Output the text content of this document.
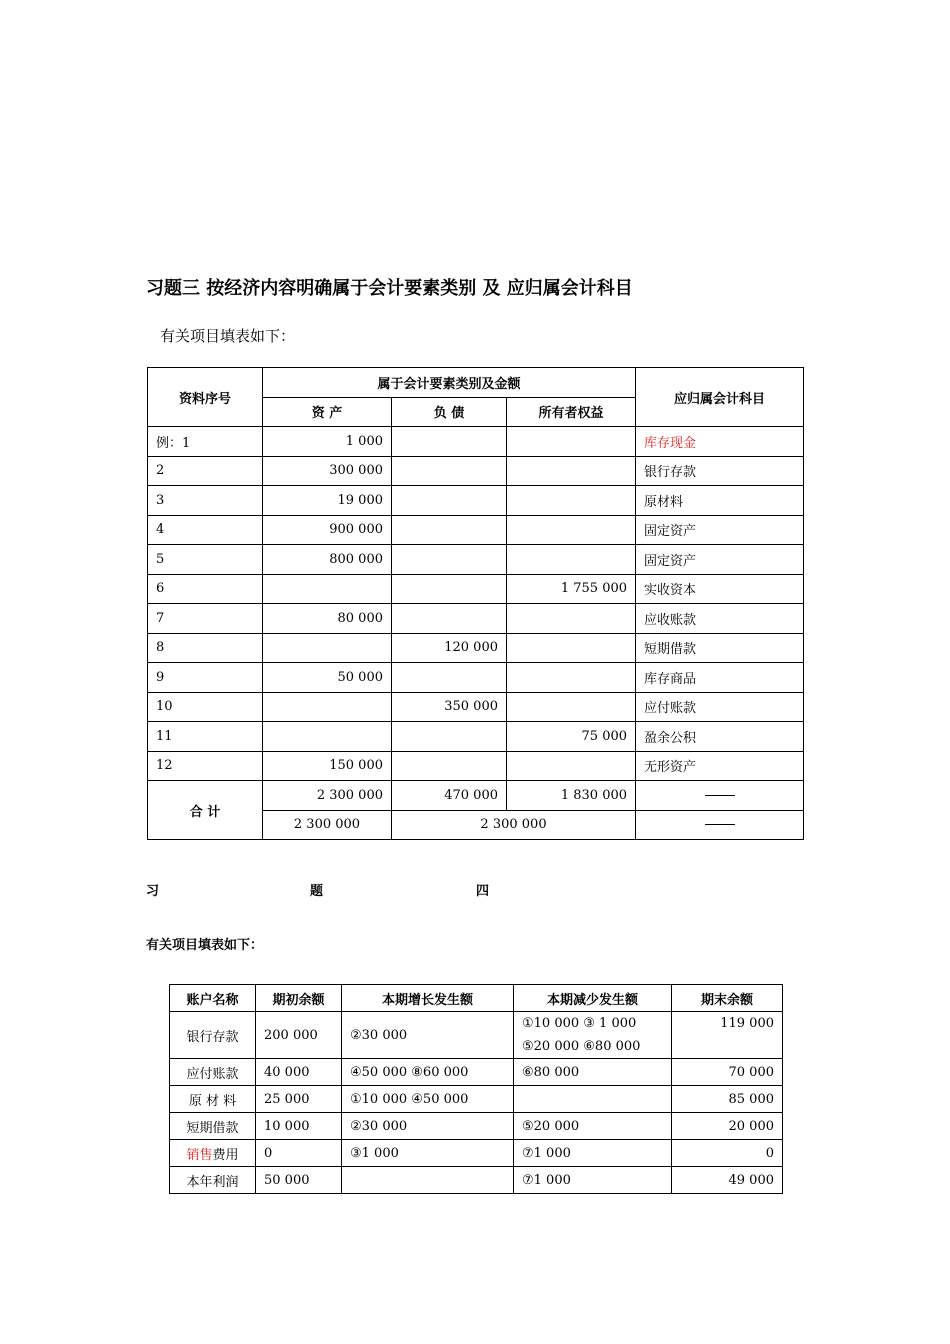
习题三 按经济内容明确属于会计要素类别 及 应归属会计科目
有关项目填表如下：
资料序号	属于会计要素类别及金额			应归属会计科目
	资 产	负 债	所有者权益	
例：1	1 000			库存现金
2	300 000			银行存款
3	19 000			原材料
4	900 000			固定资产
5	800 000			固定资产
6			1 755 000	实收资本
7	80 000			应收账款
8		120 000		短期借款
9	50 000			库存商品
10		350 000		应付账款
11			75 000	盈余公积
12	150 000			无形资产
合 计	2 300 000	470 000	1 830 000	
	2 300 000	2 300 000		
习	题	四
有关项目填表如下：
账户名称	期初余额	本期增长发生额	本期减少发生额	期末余额
银行存款	200 000	②30 000	①10 000 ③ 1 000
⑤20 000 ⑥80 000	119 000
应付账款	40 000	④50 000 ⑧60 000	⑥80 000	70 000
原 材 料	25 000	①10 000 ④50 000		85 000
短期借款	10 000	②30 000	⑤20 000	20 000
销售费用	0	③1 000	⑦1 000	0
本年利润	50 000		⑦1 000	49 000
